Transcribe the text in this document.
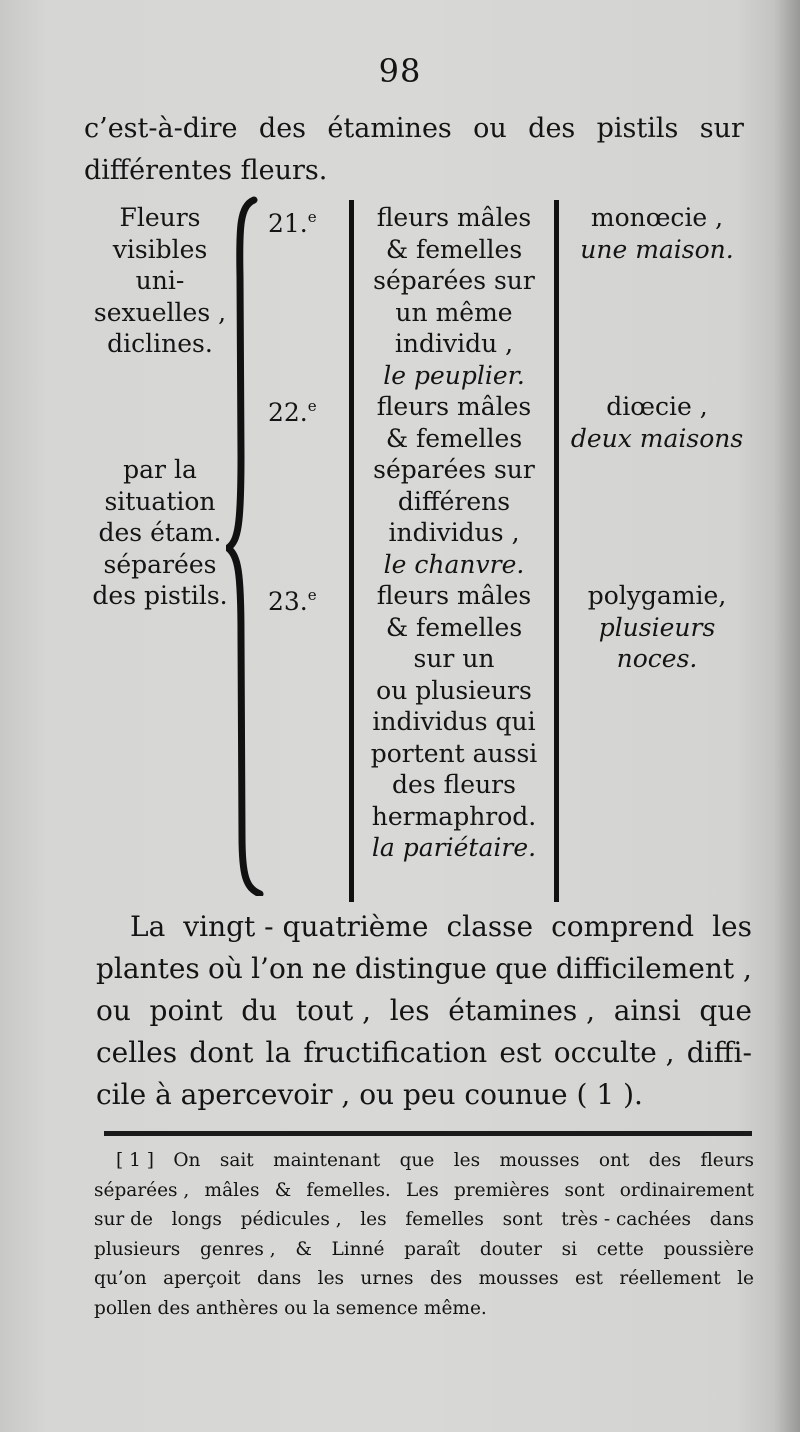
98
c’est-à-dire des étamines ou des pistils sur
différentes fleurs.
Fleurs
visibles
uni-
sexuelles ,
diclines.

par la
situation
des étam.
séparées
des pistils.
21.$^e$
22.$^e$
23.$^e$
fleurs mâles
& femelles
séparées sur
un même
individu ,
le peuplier.
fleurs mâles
& femelles
séparées sur
différens
individus ,
le chanvre.
fleurs mâles
& femelles
sur un
ou plusieurs
individus qui
portent aussi
des fleurs
hermaphrod.
la pariétaire.
monœcie ,
une maison.
diœcie ,
deux maisons
polygamie,
plusieurs
noces.
La vingt - quatrième classe comprend les
plantes où l’on ne distingue que difficilement ,
ou point du tout , les étamines , ainsi que
celles dont la fructification est occulte , diffi-
cile à apercevoir , ou peu counue ( 1 ).
[ 1 ] On sait maintenant que les mousses ont des fleurs
séparées , mâles & femelles. Les premières sont ordinairement
sur de longs pédicules , les femelles sont très - cachées dans
plusieurs genres , & Linné paraît douter si cette poussière
qu’on aperçoit dans les urnes des mousses est réellement le
pollen des anthères ou la semence même.
